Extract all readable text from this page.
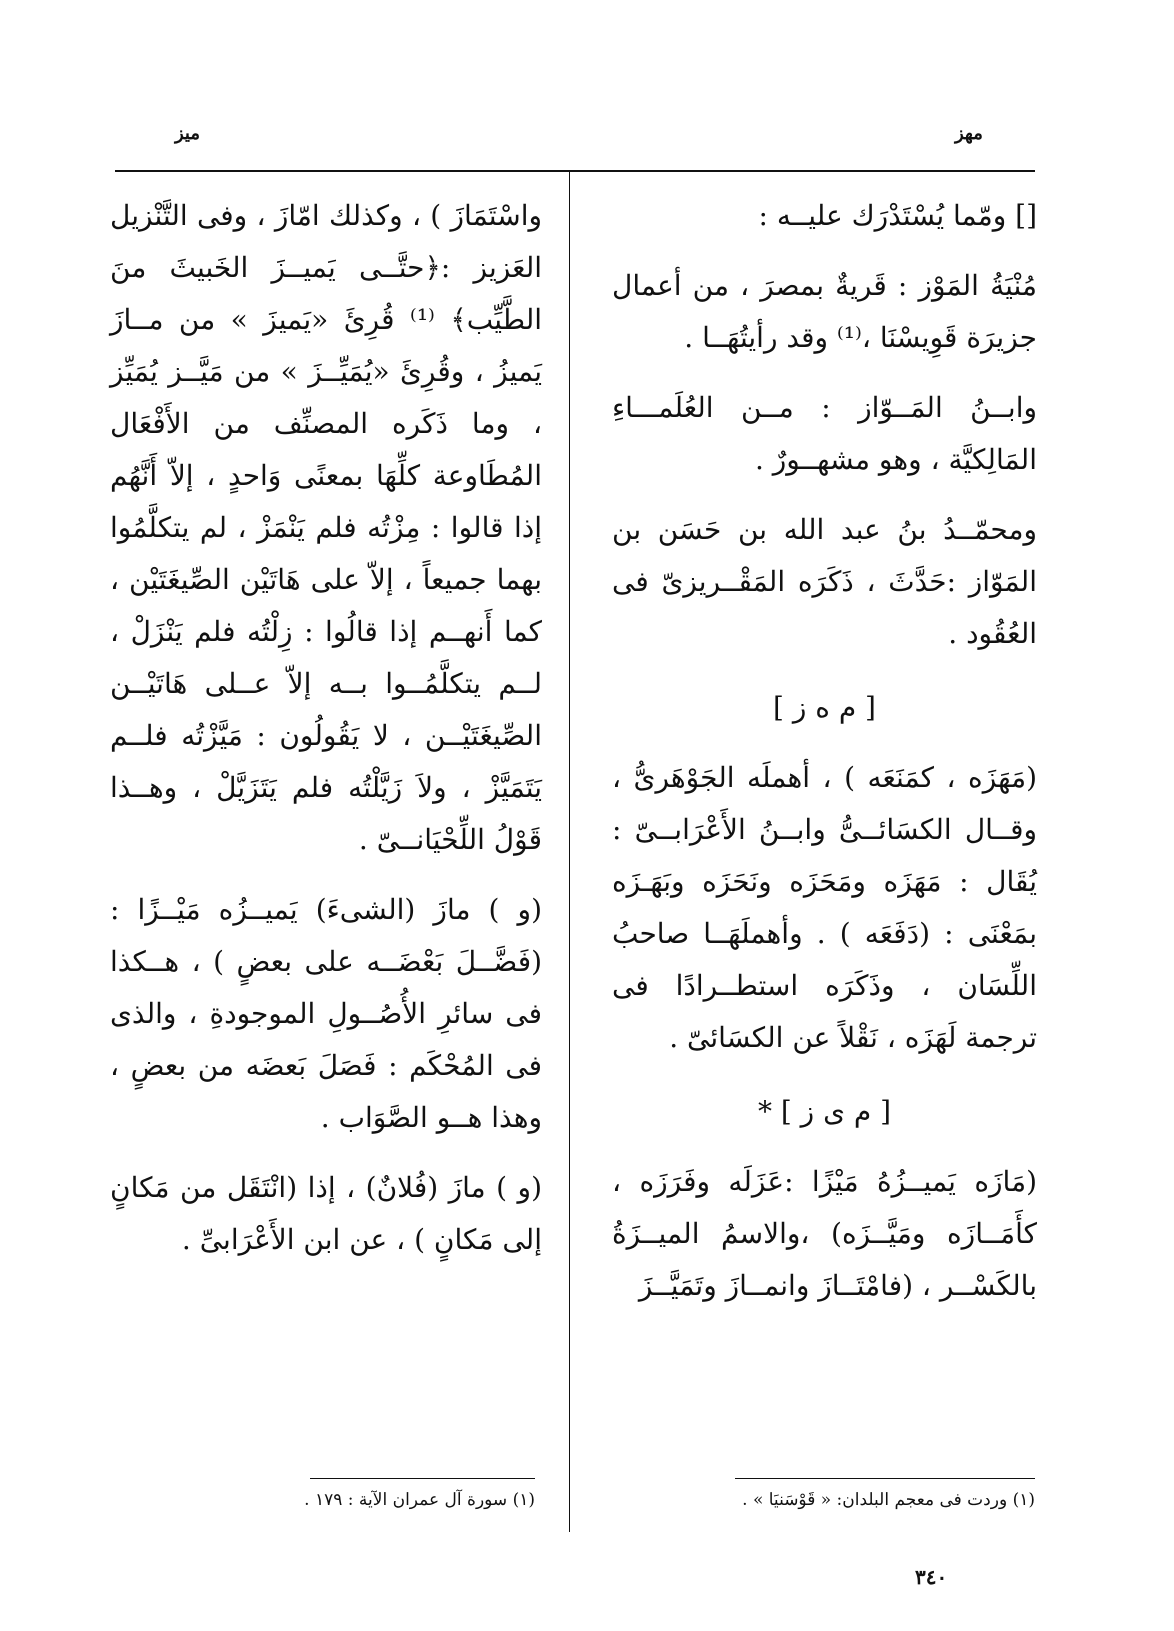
مهز
ميز

[] ومّما يُسْتَدْرَك عليــه :

مُنْيَةُ المَوْز : قَريةٌ بمصرَ ، من أعمال جزيرَة قَوِيسْنَا ،⁽¹⁾ وقد رأيتُهَــا .

وابــنُ المَــوّاز : مــن العُلَمـــاءِ المَالِكيَّة ، وهو مشهــورٌ .

ومحمّــدُ بنُ عبد الله بن حَسَن بن المَوّاز :حَدَّثَ ، ذَكَرَه المَقْــريزىّ فى العُقُود .

[ م ه ز ]

(مَهَزَه ، كمَنَعَه ) ، أهملَه الجَوْهَرىُّ ، وقــال الكسَائــىُّ وابــنُ الأَعْرَابــىّ : يُقَال : مَهَزَه ومَحَزَه ونَحَزَه وبَهَـزَه بمَعْنَى : (دَفَعَه ) . وأهملَهَــا صاحبُ اللِّسَان ، وذَكَرَه استطــرادًا فى ترجمة لَهَزَه ، نَقْلاً عن الكسَائىّ .

[ م ى ز ] *

(مَازَه يَميــزُهُ مَيْزًا :عَزَلَه وفَرَزَه ، كأَمَــازَه ومَيَّــزَه) ،والاسمُ الميــزَةُ بالكَسْــر ، (فامْتَــازَ وانمــازَ وتَمَيَّــزَ

واسْتَمَازَ ) ، وكذلك امّازَ ، وفى التَّنْزيل العَزيز :﴿حتَّــى يَميــزَ الخَبيثَ منَ الطَّيِّب﴾ ⁽¹⁾ قُرِئَ «يَميزَ » من مــازَ يَميزُ ، وقُرِئَ «يُمَيِّــزَ » من مَيَّــز يُمَيِّز ، وما ذَكَره المصنِّف من الأَفْعَال المُطَاوعة كلِّهَا بمعنًى وَاحدٍ ، إلاّ أَنَّهُم إذا قالوا : مِزْتُه فلم يَنْمَزْ ، لم يتكلَّمُوا بهما جميعاً ، إلاّ على هَاتَيْن الصِّيغَتَيْن ، كما أَنهــم إذا قالُوا : زِلْتُه فلم يَنْزَلْ ، لــم يتكلَّمُــوا بــه إلاّ عــلى هَاتَيْــن الصِّيغَتَيْــن ، لا يَقُولُون : مَيَّزْتُه فلــم يَتَمَيَّزْ ، ولاَ زَيَّلْتُه فلم يَتَزَيَّلْ ، وهــذا قَوْلُ اللِّحْيَانــىّ .

(و ) مازَ (الشىءَ) يَميــزُه مَيْــزًا : (فَضَّــلَ بَعْضَــه على بعضٍ ) ، هــكذا فى سائرِ الأُصُــولِ الموجودةِ ، والذى فى المُحْكَم : فَصَلَ بَعضَه من بعضٍ ، وهذا هــو الصَّوَاب .

(و ) مازَ (فُلانٌ) ، إذا (انْتَقَل من مَكانٍ إلى مَكانٍ ) ، عن ابن الأَعْرَابىِّ .

(١) وردت فى معجم البلدان: « قَوْسَنيَا » .
(١) سورة آل عمران الآية : ١٧٩ .
٣٤٠
